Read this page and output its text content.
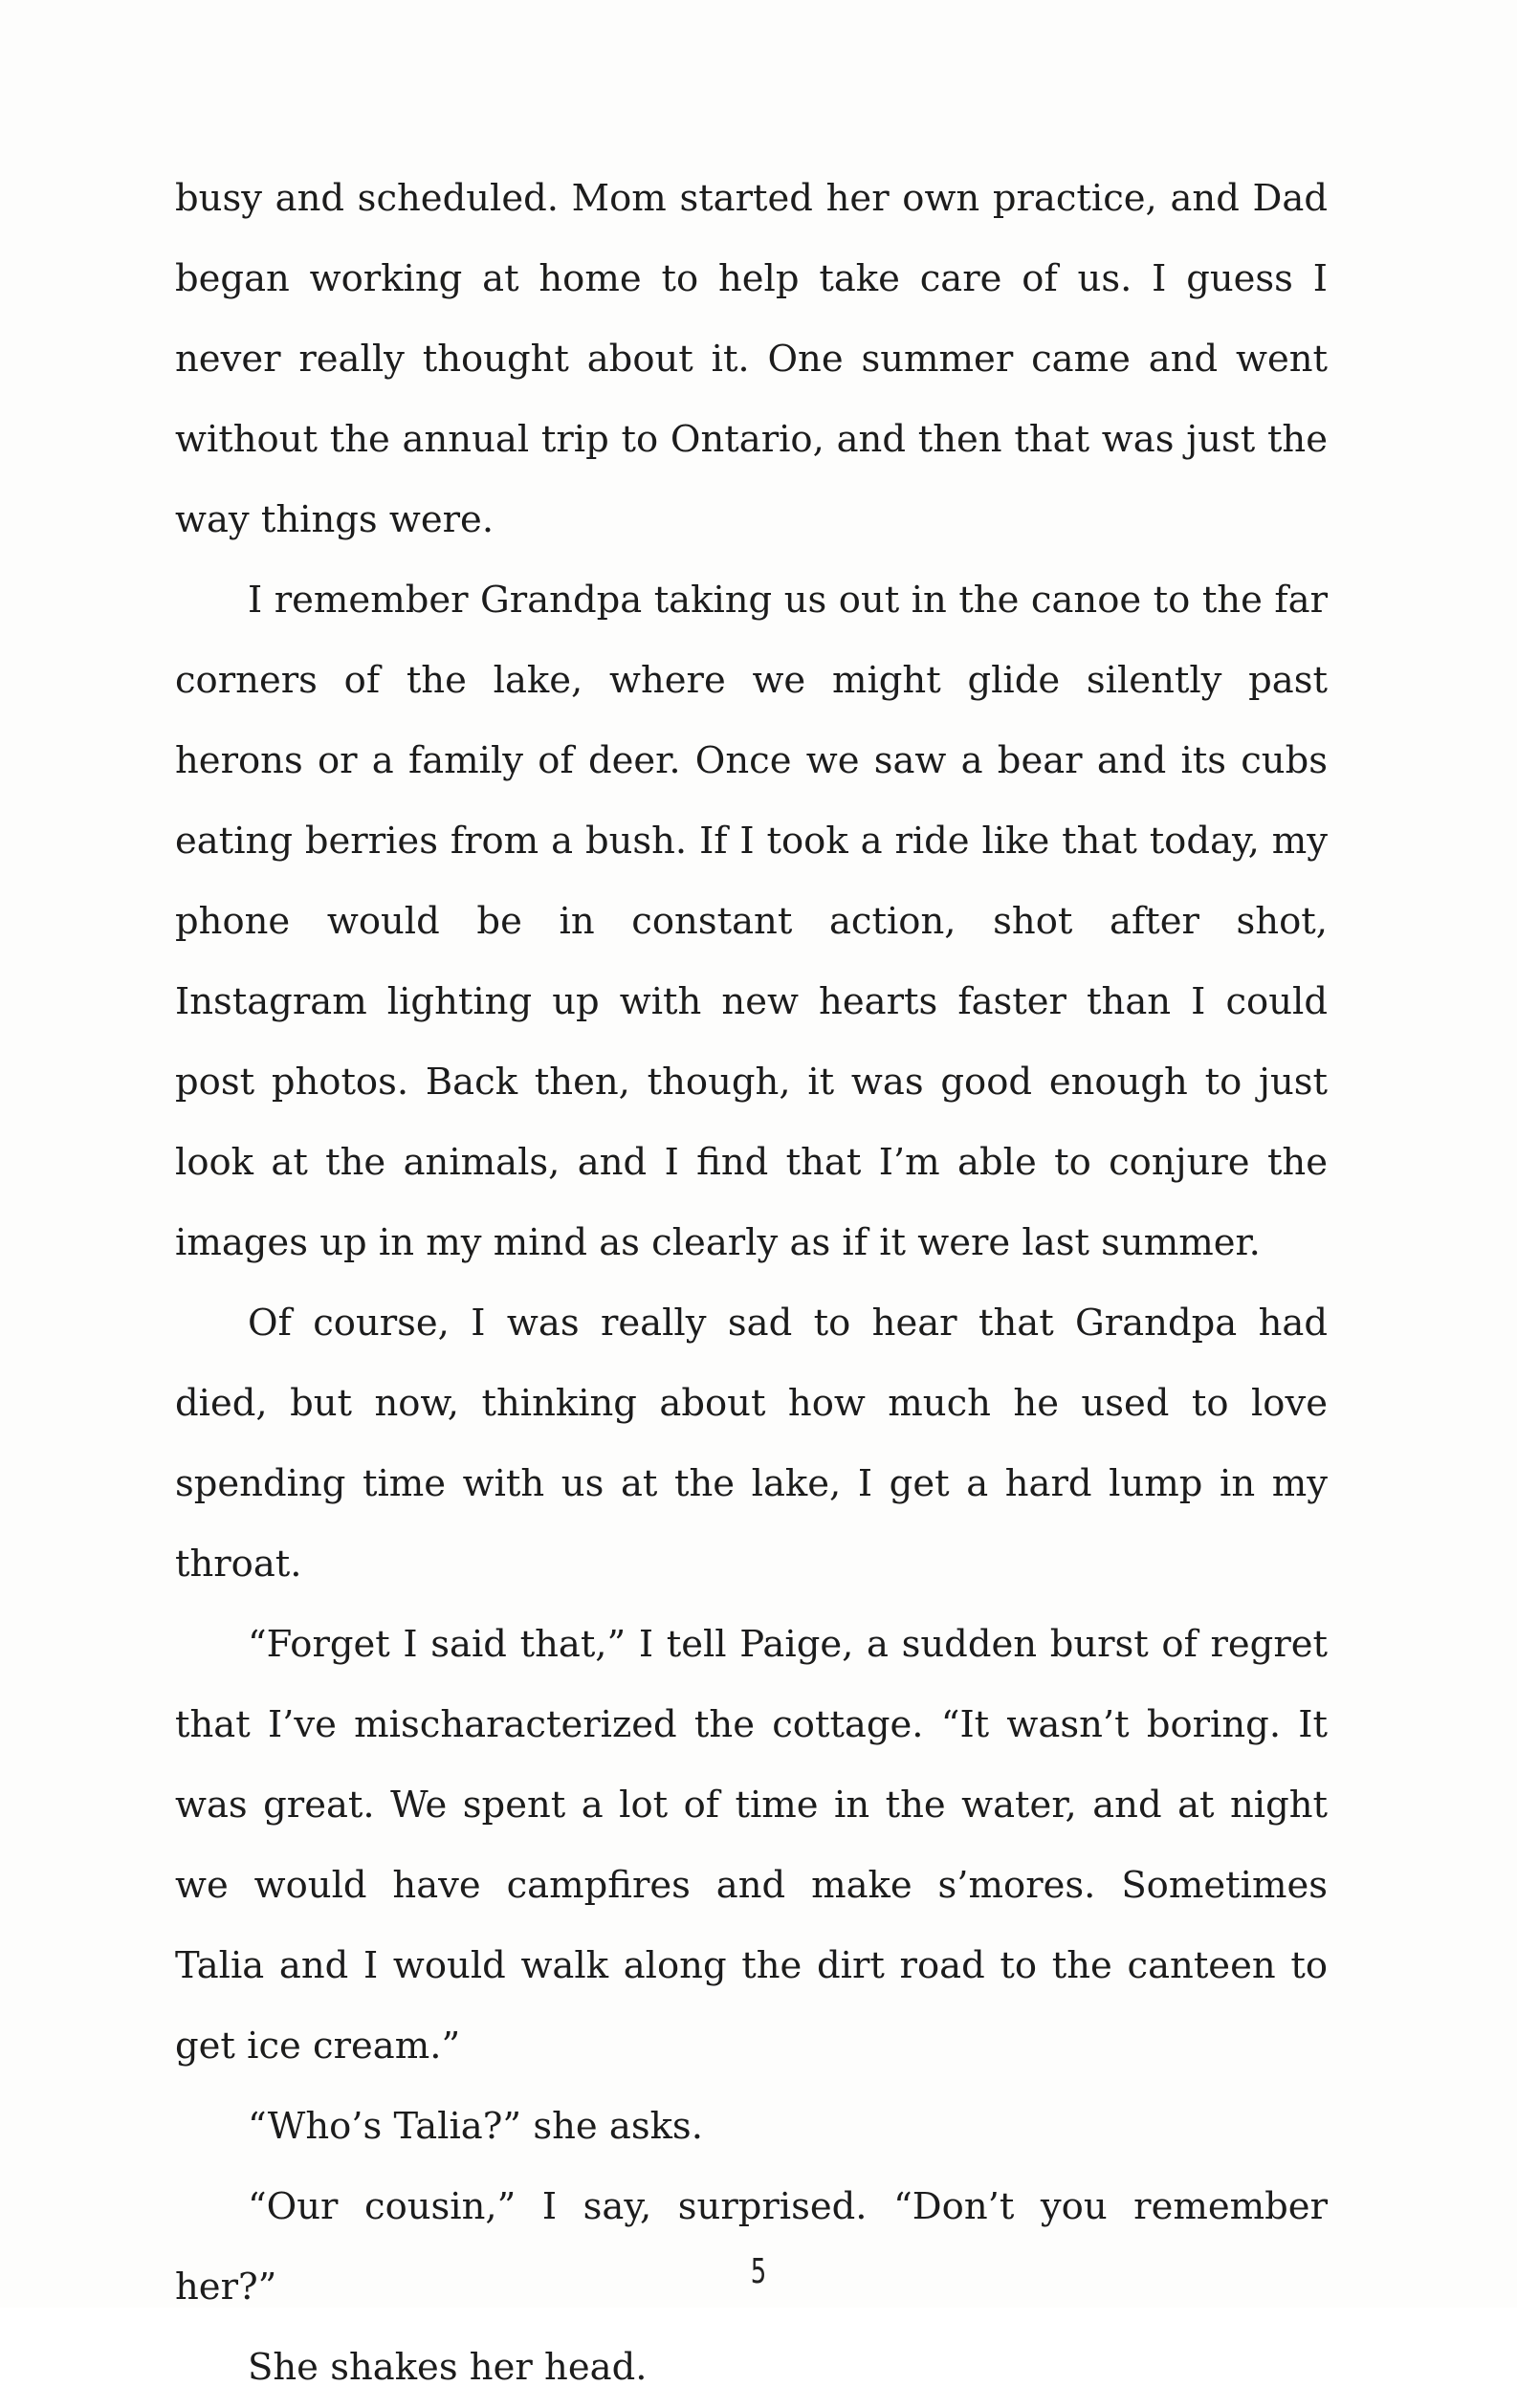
busy and scheduled. Mom started her own practice, and Dad began working at home to help take care of us. I guess I never really thought about it. One summer came and went without the annual trip to Ontario, and then that was just the way things were.

I remember Grandpa taking us out in the canoe to the far corners of the lake, where we might glide silently past herons or a family of deer. Once we saw a bear and its cubs eating berries from a bush. If I took a ride like that today, my phone would be in constant action, shot after shot, Instagram lighting up with new hearts faster than I could post photos. Back then, though, it was good enough to just look at the animals, and I find that I’m able to conjure the images up in my mind as clearly as if it were last summer.

Of course, I was really sad to hear that Grandpa had died, but now, thinking about how much he used to love spending time with us at the lake, I get a hard lump in my throat.

“Forget I said that,” I tell Paige, a sudden burst of regret that I’ve mischaracterized the cottage. “It wasn’t boring. It was great. We spent a lot of time in the water, and at night we would have campfires and make s’mores. Sometimes Talia and I would walk along the dirt road to the canteen to get ice cream.”

“Who’s Talia?” she asks.

“Our cousin,” I say, surprised. “Don’t you remember her?”

She shakes her head.

5
